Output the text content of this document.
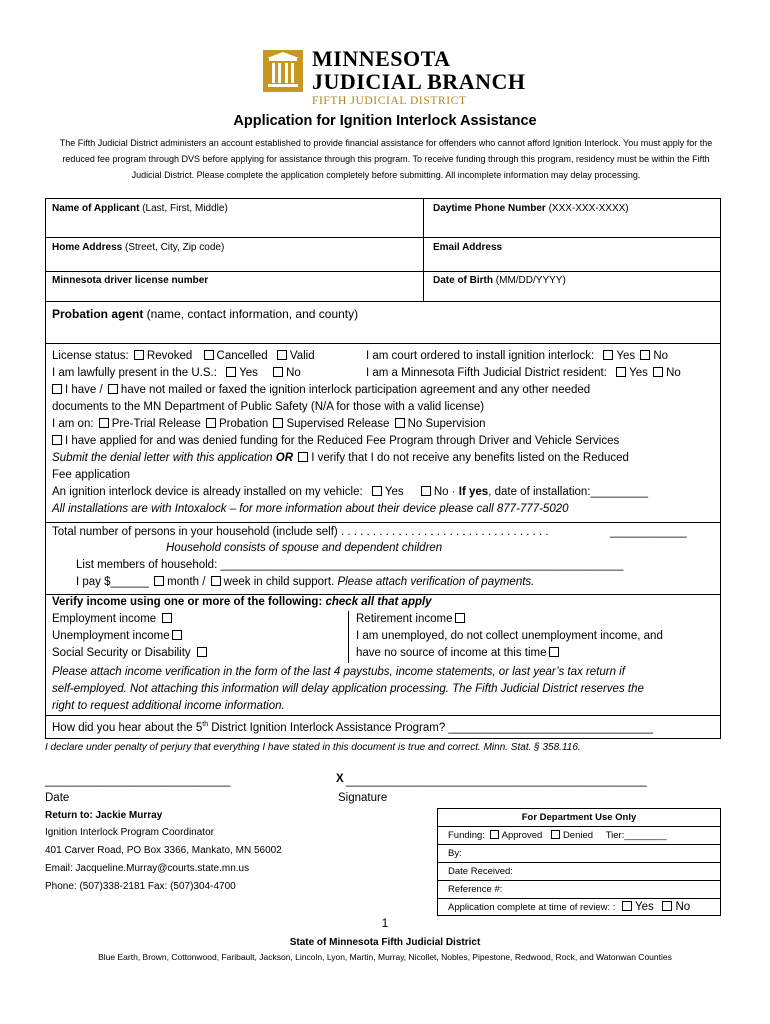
MINNESOTA
JUDICIAL BRANCH
FIFTH JUDICIAL DISTRICT
Application for Ignition Interlock Assistance
The Fifth Judicial District administers an account established to provide financial assistance for offenders who cannot afford Ignition Interlock. You must apply for the reduced fee program through DVS before applying for assistance through this program. To receive funding through this program, residency must be within the Fifth Judicial District. Please complete the application completely before submitting. All incomplete information may delay processing.
Name of Applicant (Last, First, Middle)	Daytime Phone Number (XXX-XXX-XXXX)
Home Address (Street, City, Zip code)	Email Address
Minnesota driver license number	Date of Birth (MM/DD/YYYY)
Probation agent (name, contact information, and county)
License status: Revoked Cancelled Valid	I am court ordered to install ignition interlock: Yes No
I am lawfully present in the U.S.: Yes No	I am a Minnesota Fifth Judicial District resident: Yes No
I have / have not mailed or faxed the ignition interlock participation agreement and any other needed
documents to the MN Department of Public Safety (N/A for those with a valid license)
I am on: Pre-Trial Release Probation Supervised Release No Supervision
I have applied for and was denied funding for the Reduced Fee Program through Driver and Vehicle Services
Submit the denial letter with this application OR I verify that I do not receive any benefits listed on the Reduced
Fee application
An ignition interlock device is already installed on my vehicle: Yes	No · If yes, date of installation:_________
All installations are with Intoxalock – for more information about their device please call 877-777-5020
Total number of persons in your household (include self) . . . . . . . . . . . . . . . . . . . . . . . . . . . . . . . . .	____________
Household consists of spouse and dependent children
List members of household: _______________________________________________________________
I pay $______ month / week in child support. Please attach verification of payments.
Verify income using one or more of the following: check all that apply
Employment income
Unemployment income
Social Security or Disability
Retirement income
I am unemployed, do not collect unemployment income, and
have no source of income at this time
Please attach income verification in the form of the last 4 paystubs, income statements, or last year’s tax return if
self-employed. Not attaching this information will delay application processing. The Fifth Judicial District reserves the
right to request additional income information.
How did you hear about the 5th District Ignition Interlock Assistance Program? ________________________________
I declare under penalty of perjury that everything I have stated in this document is true and correct. Minn. Stat. § 358.116.
_____________________________
Date
X _______________________________________________
Signature
Return to: Jackie Murray
Ignition Interlock Program Coordinator
401 Carver Road, PO Box 3366, Mankato, MN 56002
Email: Jacqueline.Murray@courts.state.mn.us
Phone: (507)338-2181 Fax: (507)304-4700
For Department Use Only
Funding: Approved Denied Tier:________
By:
Date Received:
Reference #:
Application complete at time of review: : Yes No
1
State of Minnesota Fifth Judicial District
Blue Earth, Brown, Cottonwood, Faribault, Jackson, Lincoln, Lyon, Martin, Murray, Nicollet, Nobles, Pipestone, Redwood, Rock, and Watonwan Counties
